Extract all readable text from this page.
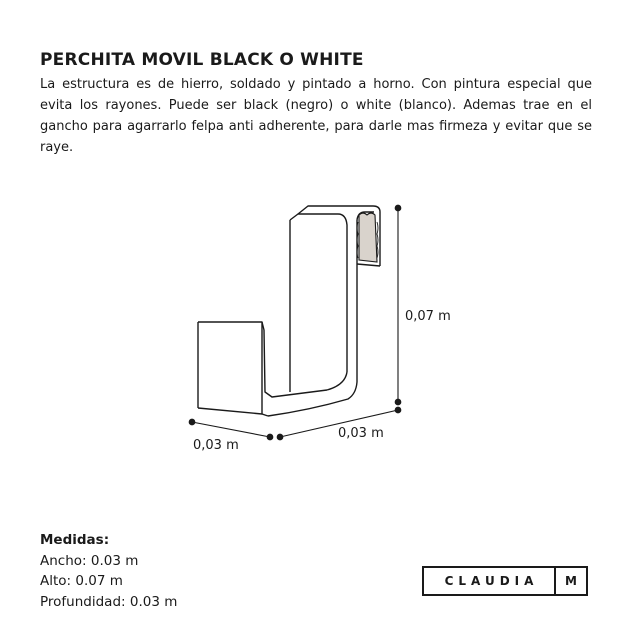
PERCHITA MOVIL BLACK O WHITE

La estructura es de hierro, soldado y pintado a horno. Con pintura especial que evita los rayones. Puede ser black (negro) o white (blanco). Ademas trae en el gancho para agarrarlo felpa anti adherente, para darle mas firmeza y evitar que se raye.

0,07 m
0,03 m
0,03 m
Medidas:
Ancho: 0.03 m
Alto: 0.07 m
Profundidad: 0.03 m
CLAUDIA	M
